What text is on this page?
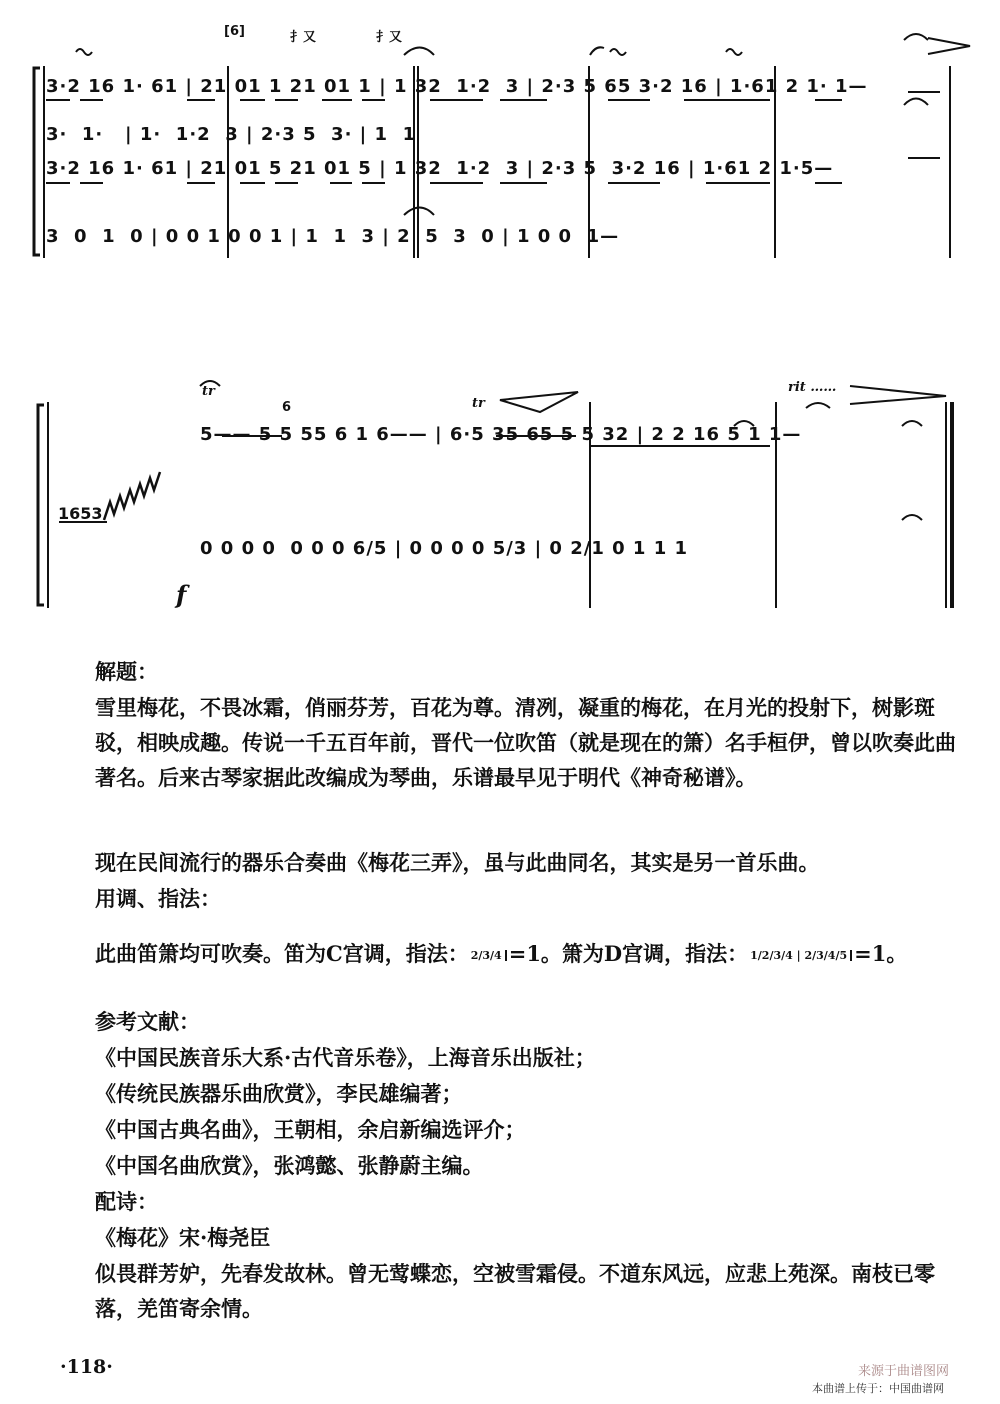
[6]	扌又	扌又
3·2 16 1· 61 | 21 01 1 21 01 1 | 1 32  1·2  3 | 2·3 5 65 3·2 16 | 1·61 2 1· 1—
3·  1·   | 1·  1·2  3 | 2·3 5  3· | 1  1
3·2 16 1· 61 | 21 01 5 21 01 5 | 1 32  1·2  3 | 2·3 5  3·2 16 | 1·61 2 1·5—
3  0  1  0 | 0 0 1 0 0 1 | 1  1  3 | 2  5  3  0 | 1 0 0  1—
tr
6	tr
rit ……
5—— 5 5 55 6 1 6—— | 6·5 35 65 5 5 32 | 2 2 16 5 1 1—
1653
0 0 0 0  0 0 0 6/5 | 0 0 0 0 5/3 | 0 2/1 0 1 1 1
f
解题：
雪里梅花，不畏冰霜，俏丽芬芳，百花为尊。清冽，凝重的梅花，在月光的投射下，树影斑驳，相映成趣。传说一千五百年前，晋代一位吹笛（就是现在的箫）名手桓伊，曾以吹奏此曲著名。后来古琴家据此改编成为琴曲，乐谱最早见于明代《神奇秘谱》。
现在民间流行的器乐合奏曲《梅花三弄》，虽与此曲同名，其实是另一首乐曲。
用调、指法：
此曲笛箫均可吹奏。笛为C宫调，指法： 2/3/4 =1。箫为D宫调，指法： 1/2/3/4 | 2/3/4/5 =1。
参考文献：
《中国民族音乐大系·古代音乐卷》，上海音乐出版社；
《传统民族器乐曲欣赏》，李民雄编著；
《中国古典名曲》，王朝相，余启新编选评介；
《中国名曲欣赏》，张鸿懿、张静蔚主编。
配诗：
《梅花》宋·梅尧臣
似畏群芳妒，先春发故林。曾无莺蝶恋，空被雪霜侵。不道东风远，应悲上苑深。南枝已零落，羌笛寄余情。
·118·	来源于曲谱图网
本曲谱上传于：中国曲谱网
